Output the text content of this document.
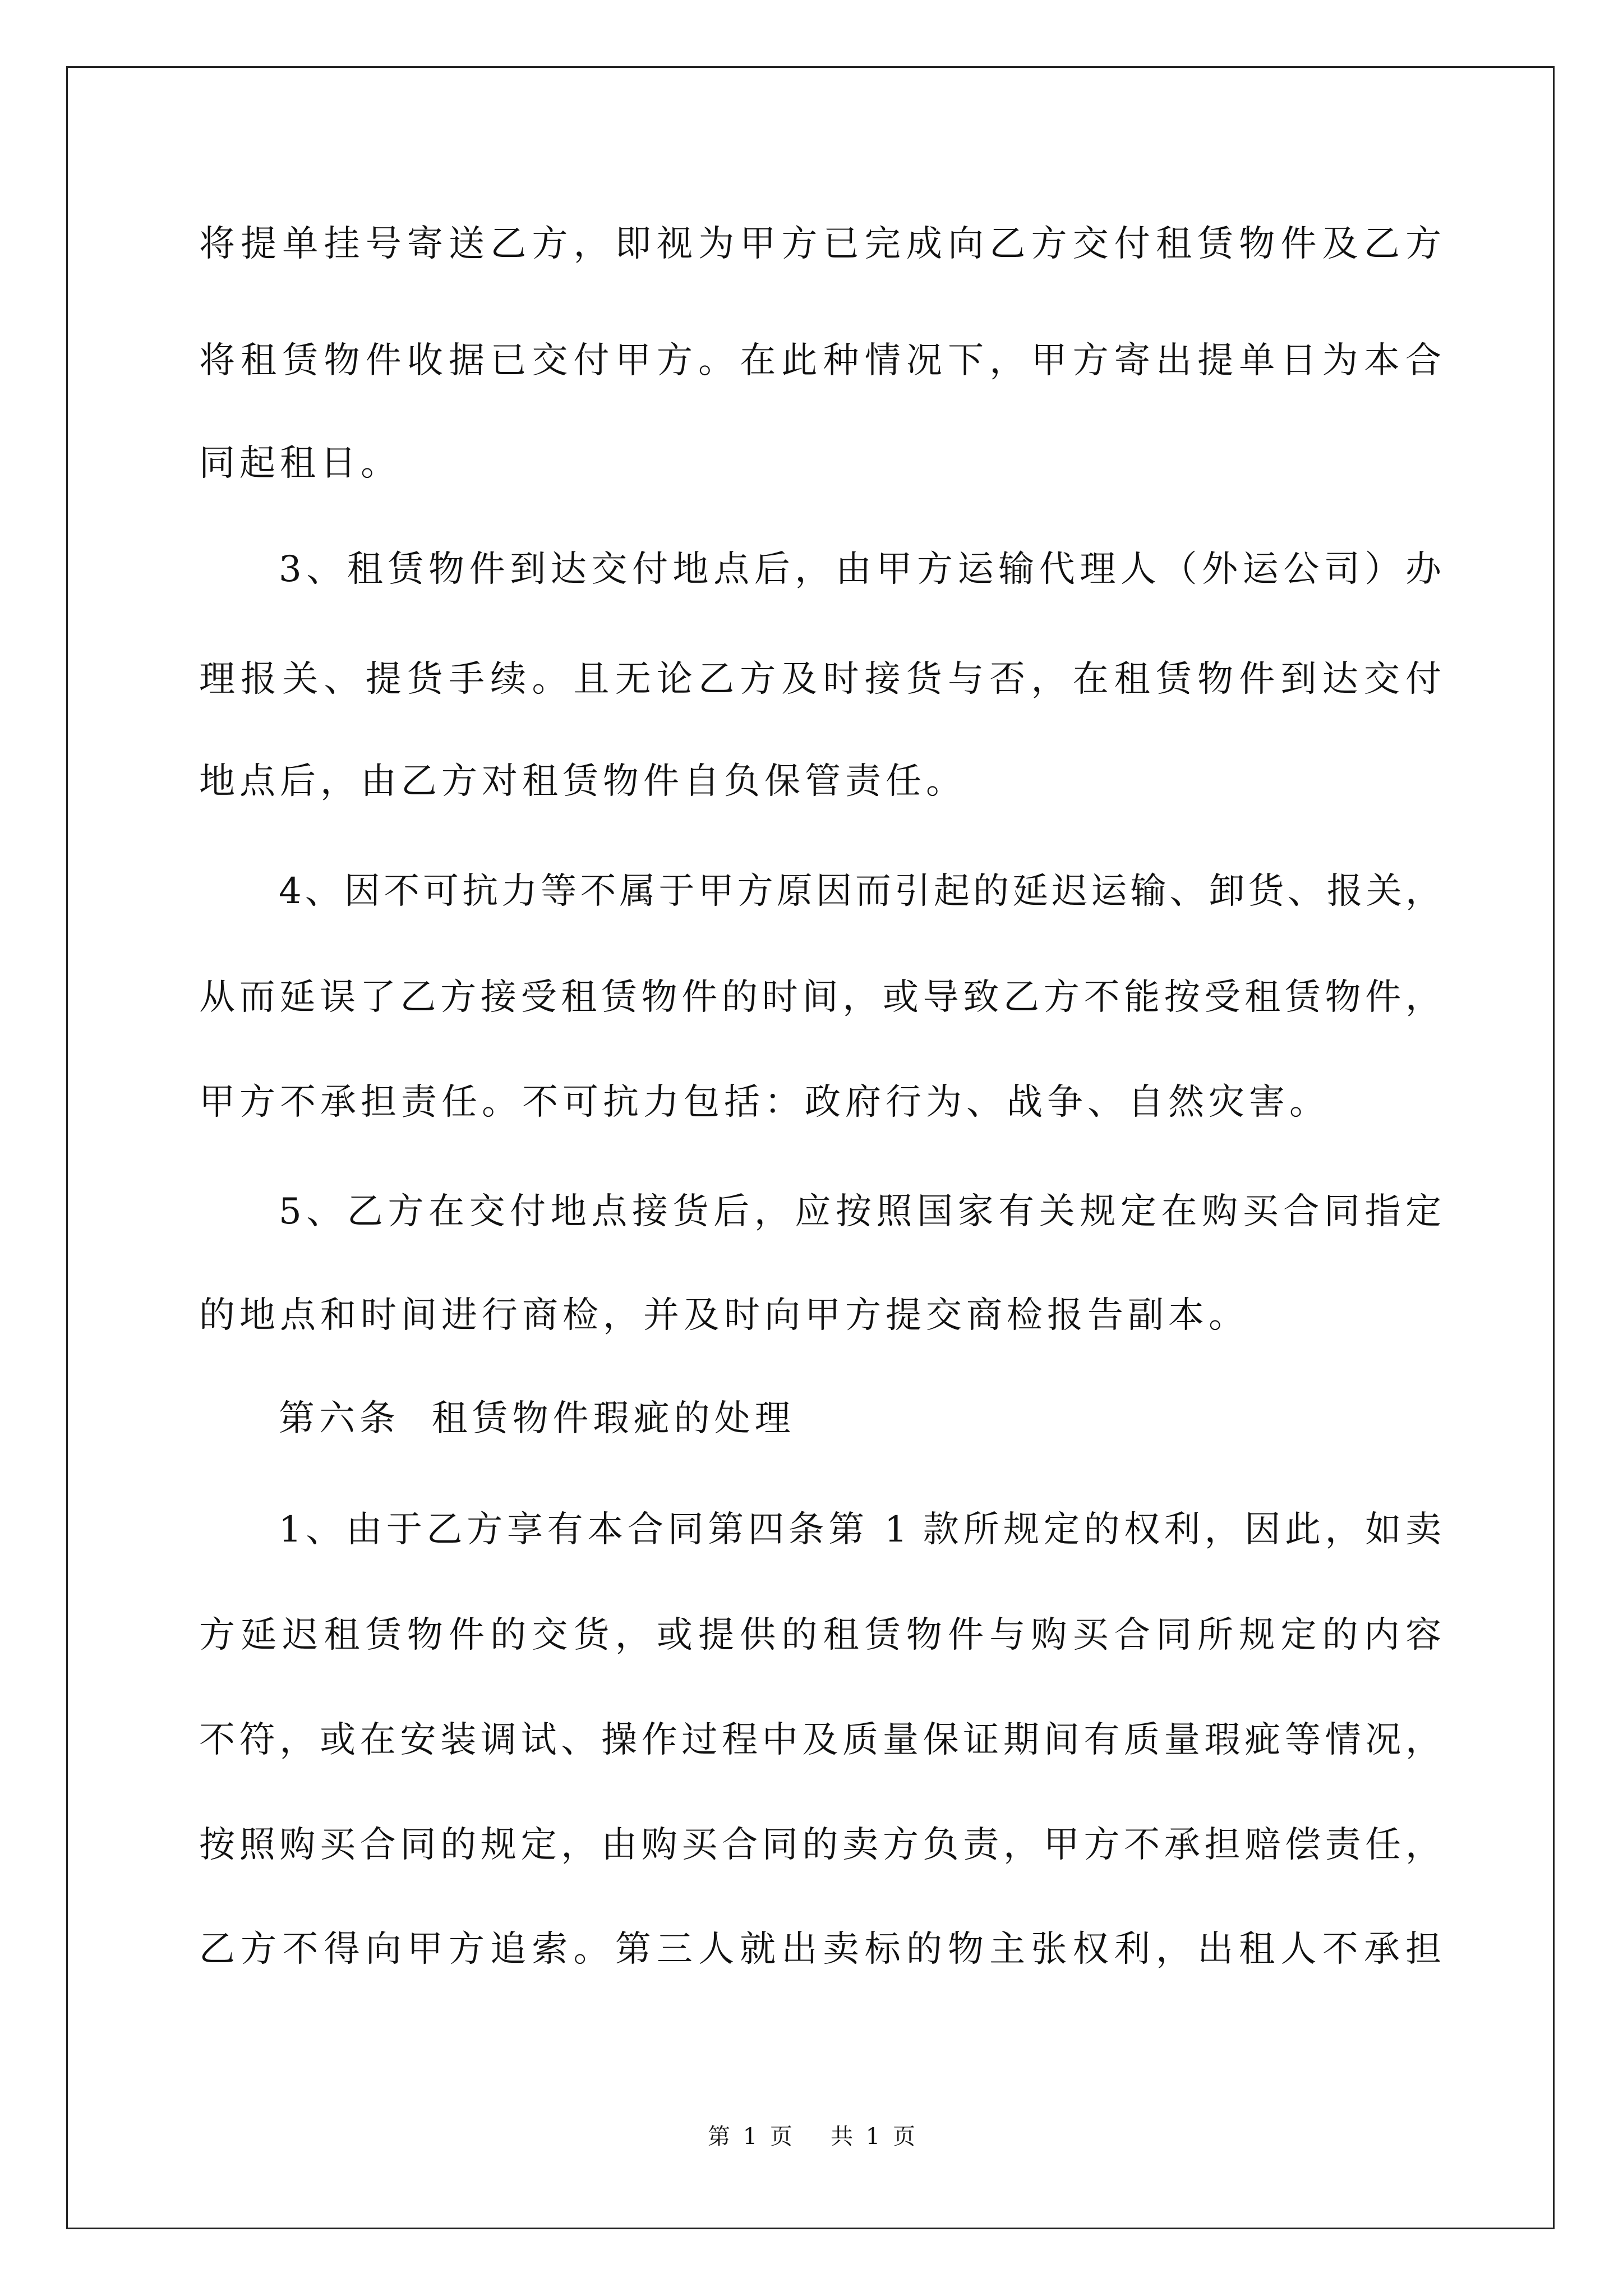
将提单挂号寄送乙方，即视为甲方已完成向乙方交付租赁物件及乙方
将租赁物件收据已交付甲方。在此种情况下，甲方寄出提单日为本合
同起租日。
3、租赁物件到达交付地点后，由甲方运输代理人（外运公司）办
理报关、提货手续。且无论乙方及时接货与否，在租赁物件到达交付
地点后，由乙方对租赁物件自负保管责任。
4、因不可抗力等不属于甲方原因而引起的延迟运输、卸货、报关，
从而延误了乙方接受租赁物件的时间，或导致乙方不能按受租赁物件，
甲方不承担责任。不可抗力包括：政府行为、战争、自然灾害。
5、乙方在交付地点接货后，应按照国家有关规定在购买合同指定
的地点和时间进行商检，并及时向甲方提交商检报告副本。
第六条  租赁物件瑕疵的处理
1、由于乙方享有本合同第四条第 1 款所规定的权利，因此，如卖
方延迟租赁物件的交货，或提供的租赁物件与购买合同所规定的内容
不符，或在安装调试、操作过程中及质量保证期间有质量瑕疵等情况，
按照购买合同的规定，由购买合同的卖方负责，甲方不承担赔偿责任，
乙方不得向甲方追索。第三人就出卖标的物主张权利，出租人不承担
第 1 页   共 1 页
